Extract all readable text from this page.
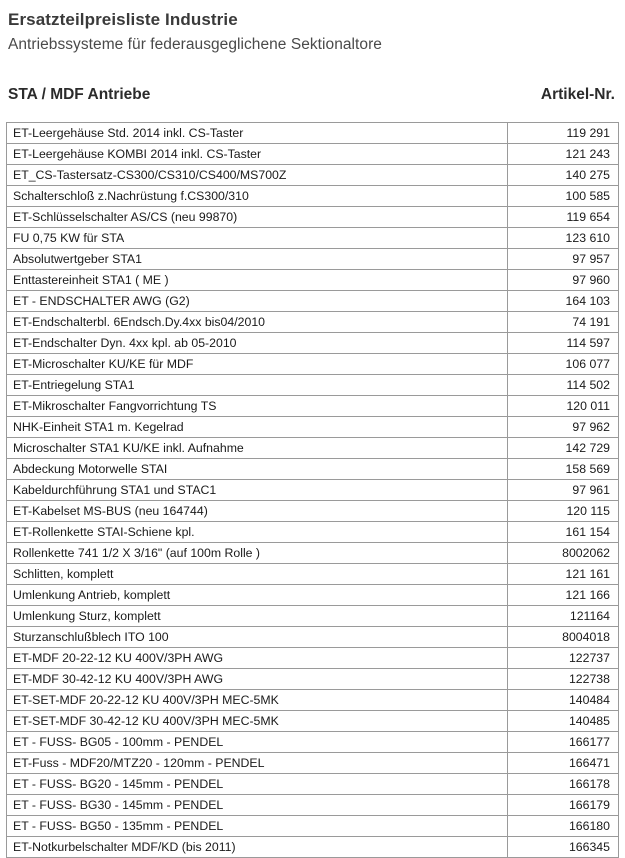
Ersatzteilpreisliste Industrie
Antriebssysteme für federausgeglichene Sektionaltore
STA / MDF Antriebe	Artikel-Nr.
ET-Leergehäuse Std. 2014 inkl. CS-Taster	119 291
ET-Leergehäuse KOMBI 2014 inkl. CS-Taster	121 243
ET_CS-Tastersatz-CS300/CS310/CS400/MS700Z	140 275
Schalterschloß z.Nachrüstung f.CS300/310	100 585
ET-Schlüsselschalter AS/CS (neu 99870)	119 654
FU 0,75 KW für STA	123 610
Absolutwertgeber STA1	97 957
Enttastereinheit STA1 ( ME )	97 960
ET - ENDSCHALTER AWG (G2)	164 103
ET-Endschalterbl. 6Endsch.Dy.4xx bis04/2010	74 191
ET-Endschalter Dyn. 4xx kpl. ab 05-2010	114 597
ET-Microschalter KU/KE für MDF	106 077
ET-Entriegelung STA1	114 502
ET-Mikroschalter Fangvorrichtung TS	120 011
NHK-Einheit STA1 m. Kegelrad	97 962
Microschalter STA1 KU/KE inkl. Aufnahme	142 729
Abdeckung Motorwelle STAI	158 569
Kabeldurchführung STA1 und STAC1	97 961
ET-Kabelset MS-BUS (neu 164744)	120 115
ET-Rollenkette STAI-Schiene kpl.	161 154
Rollenkette 741 1/2 X 3/16" (auf 100m Rolle )	8002062
Schlitten, komplett	121 161
Umlenkung Antrieb, komplett	121 166
Umlenkung Sturz, komplett	121164
Sturzanschlußblech ITO 100	8004018
ET-MDF 20-22-12 KU 400V/3PH AWG	122737
ET-MDF 30-42-12 KU 400V/3PH AWG	122738
ET-SET-MDF 20-22-12 KU 400V/3PH MEC-5MK	140484
ET-SET-MDF 30-42-12 KU 400V/3PH MEC-5MK	140485
ET - FUSS- BG05 - 100mm - PENDEL	166177
ET-Fuss - MDF20/MTZ20 - 120mm - PENDEL	166471
ET - FUSS- BG20 - 145mm - PENDEL	166178
ET - FUSS- BG30 - 145mm - PENDEL	166179
ET - FUSS- BG50 - 135mm - PENDEL	166180
ET-Notkurbelschalter MDF/KD (bis 2011)	166345
